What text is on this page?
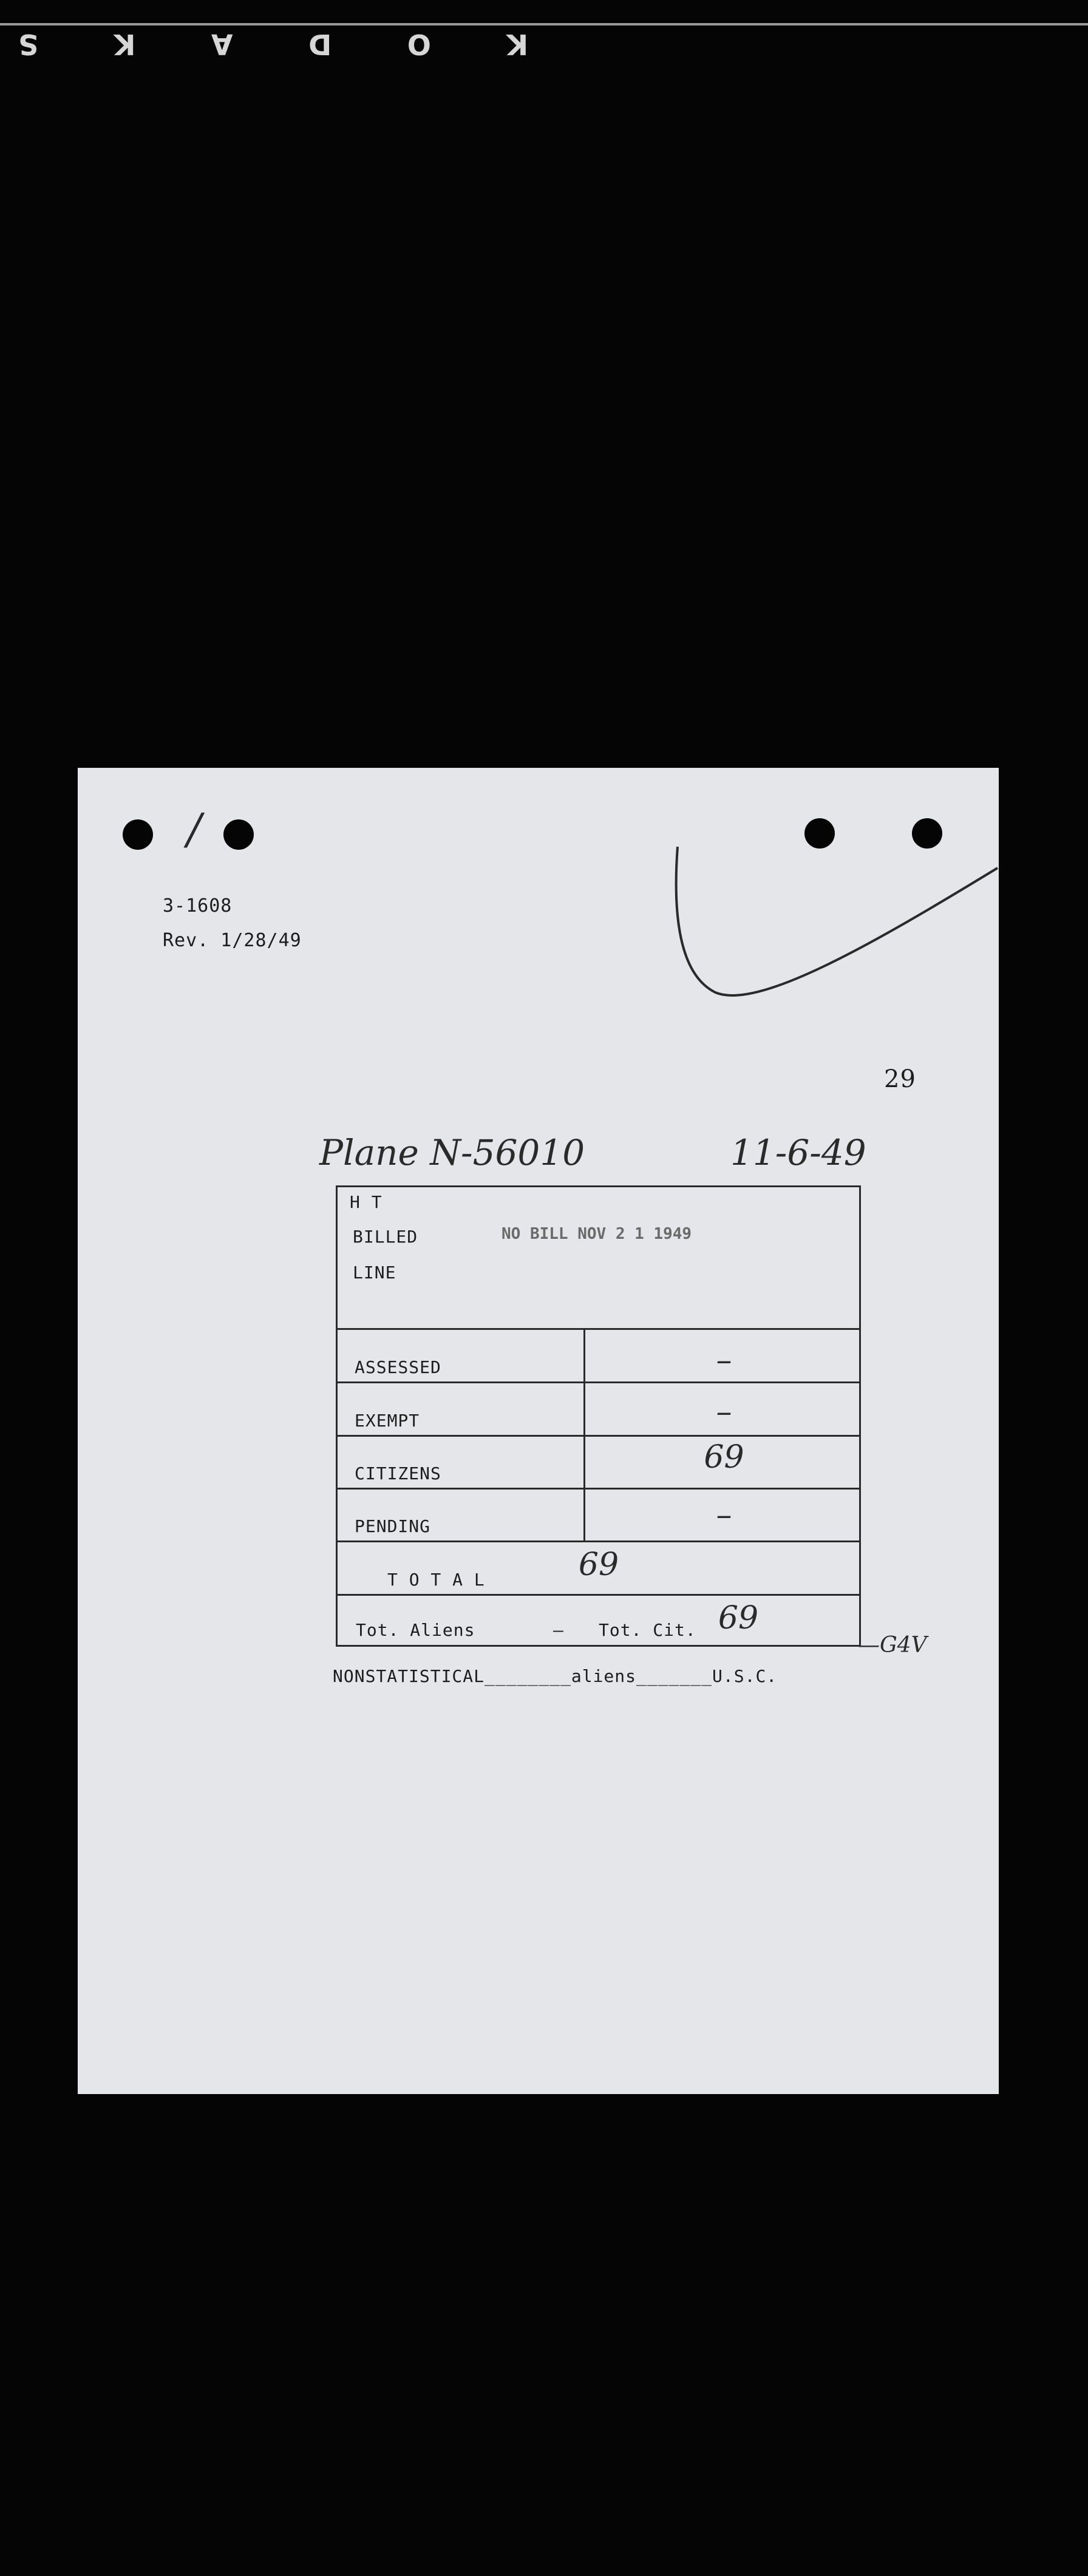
K
O
D
A
K
S
/
3-1608
Rev. 1/28/49
29
Plane N-56010	11-6-49
H T
BILLED
LINE
NO BILL NOV 2 1 1949
ASSESSED	–
EXEMPT	–
CITIZENS	69
PENDING	–
T O T A L	69
Tot. Aliens	— Tot. Cit. 69
—G4V
NONSTATISTICAL________aliens_______U.S.C.
